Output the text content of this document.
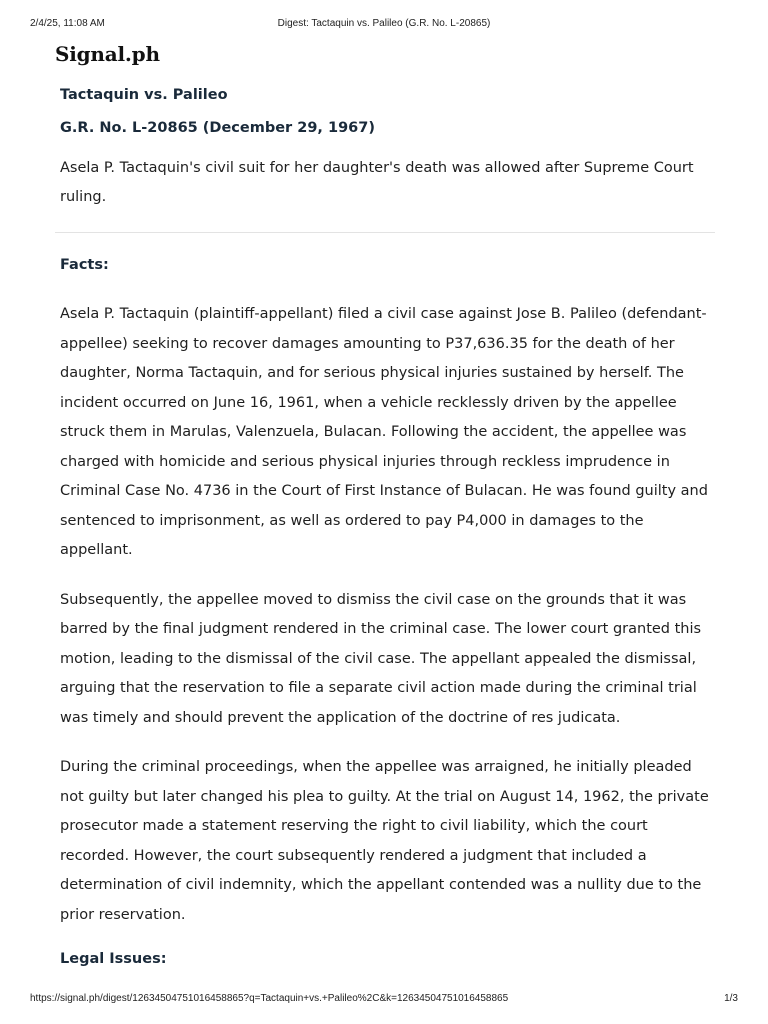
Digest: Tactaquin vs. Palileo (G.R. No. L-20865)
2/4/25, 11:08 AM
Signal.ph
Tactaquin vs. Palileo
G.R. No. L-20865 (December 29, 1967)

Asela P. Tactaquin's civil suit for her daughter's death was allowed after Supreme Court ruling.

Facts:

Asela P. Tactaquin (plaintiff-appellant) filed a civil case against Jose B. Palileo (defendant-appellee) seeking to recover damages amounting to P37,636.35 for the death of her daughter, Norma Tactaquin, and for serious physical injuries sustained by herself. The incident occurred on June 16, 1961, when a vehicle recklessly driven by the appellee struck them in Marulas, Valenzuela, Bulacan. Following the accident, the appellee was charged with homicide and serious physical injuries through reckless imprudence in Criminal Case No. 4736 in the Court of First Instance of Bulacan. He was found guilty and sentenced to imprisonment, as well as ordered to pay P4,000 in damages to the appellant.

Subsequently, the appellee moved to dismiss the civil case on the grounds that it was barred by the final judgment rendered in the criminal case. The lower court granted this motion, leading to the dismissal of the civil case. The appellant appealed the dismissal, arguing that the reservation to file a separate civil action made during the criminal trial was timely and should prevent the application of the doctrine of res judicata.

During the criminal proceedings, when the appellee was arraigned, he initially pleaded not guilty but later changed his plea to guilty. At the trial on August 14, 1962, the private prosecutor made a statement reserving the right to civil liability, which the court recorded. However, the court subsequently rendered a judgment that included a determination of civil indemnity, which the appellant contended was a nullity due to the prior reservation.

Legal Issues:
https://signal.ph/digest/12634504751016458865?q=Tactaquin+vs.+Palileo%2C&k=12634504751016458865	1/3
